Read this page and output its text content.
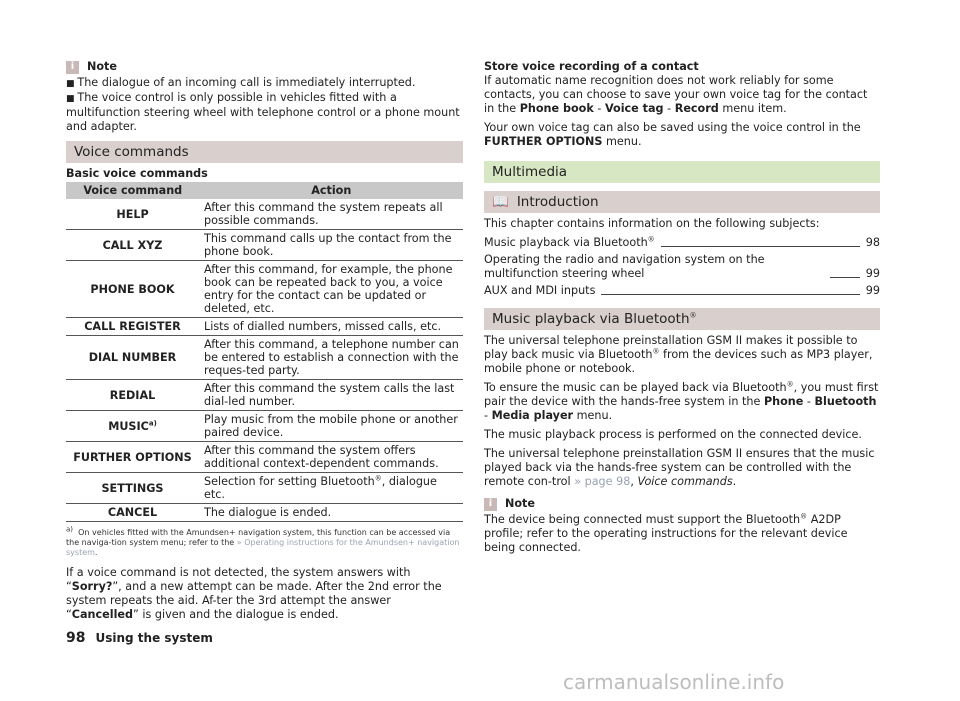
i	Note

■ The dialogue of an incoming call is immediately interrupted.

■ The voice control is only possible in vehicles fitted with a multifunction steering wheel with telephone control or a phone mount and adapter.

Voice commands
Basic voice commands
Voice command	Action
HELP	After this command the system repeats all possible commands.
CALL XYZ	This command calls up the contact from the phone book.
PHONE BOOK	After this command, for example, the phone book can be repeated back to you, a voice entry for the contact can be updated or deleted, etc.
CALL REGISTER	Lists of dialled numbers, missed calls, etc.
DIAL NUMBER	After this command, a telephone number can be entered to establish a connection with the reques-ted party.
REDIAL	After this command the system calls the last dial-led number.
MUSIC$^{a)}$	Play music from the mobile phone or another paired device.
FURTHER OPTIONS	After this command the system offers additional context-dependent commands.
SETTINGS	Selection for setting Bluetooth®, dialogue etc.
CANCEL	The dialogue is ended.
$^{a)}$ On vehicles fitted with the Amundsen+ navigation system, this function can be accessed via the naviga-tion system menu; refer to the » Operating instructions for the Amundsen+ navigation system.

If a voice command is not detected, the system answers with “Sorry?”, and a new attempt can be made. After the 2nd error the system repeats the aid. Af-ter the 3rd attempt the answer “Cancelled” is given and the dialogue is ended.

Store voice recording of a contact

If automatic name recognition does not work reliably for some contacts, you can choose to save your own voice tag for the contact in the Phone book - Voice tag - Record menu item.

Your own voice tag can also be saved using the voice control in the FURTHER OPTIONS menu.

Multimedia
📖 Introduction

This chapter contains information on the following subjects:

Music playback via Bluetooth®	98
Operating the radio and navigation system on the multifunction steering wheel	99
AUX and MDI inputs	99
Music playback via Bluetooth®

The universal telephone preinstallation GSM II makes it possible to play back music via Bluetooth® from the devices such as MP3 player, mobile phone or notebook.

To ensure the music can be played back via Bluetooth®, you must first pair the device with the hands-free system in the Phone - Bluetooth - Media player menu.

The music playback process is performed on the connected device.

The universal telephone preinstallation GSM II ensures that the music played back via the hands-free system can be controlled with the remote con-trol » page 98, Voice commands.

i	Note

The device being connected must support the Bluetooth® A2DP profile; refer to the operating instructions for the relevant device being connected.

98 Using the system
carmanualsonline.info
